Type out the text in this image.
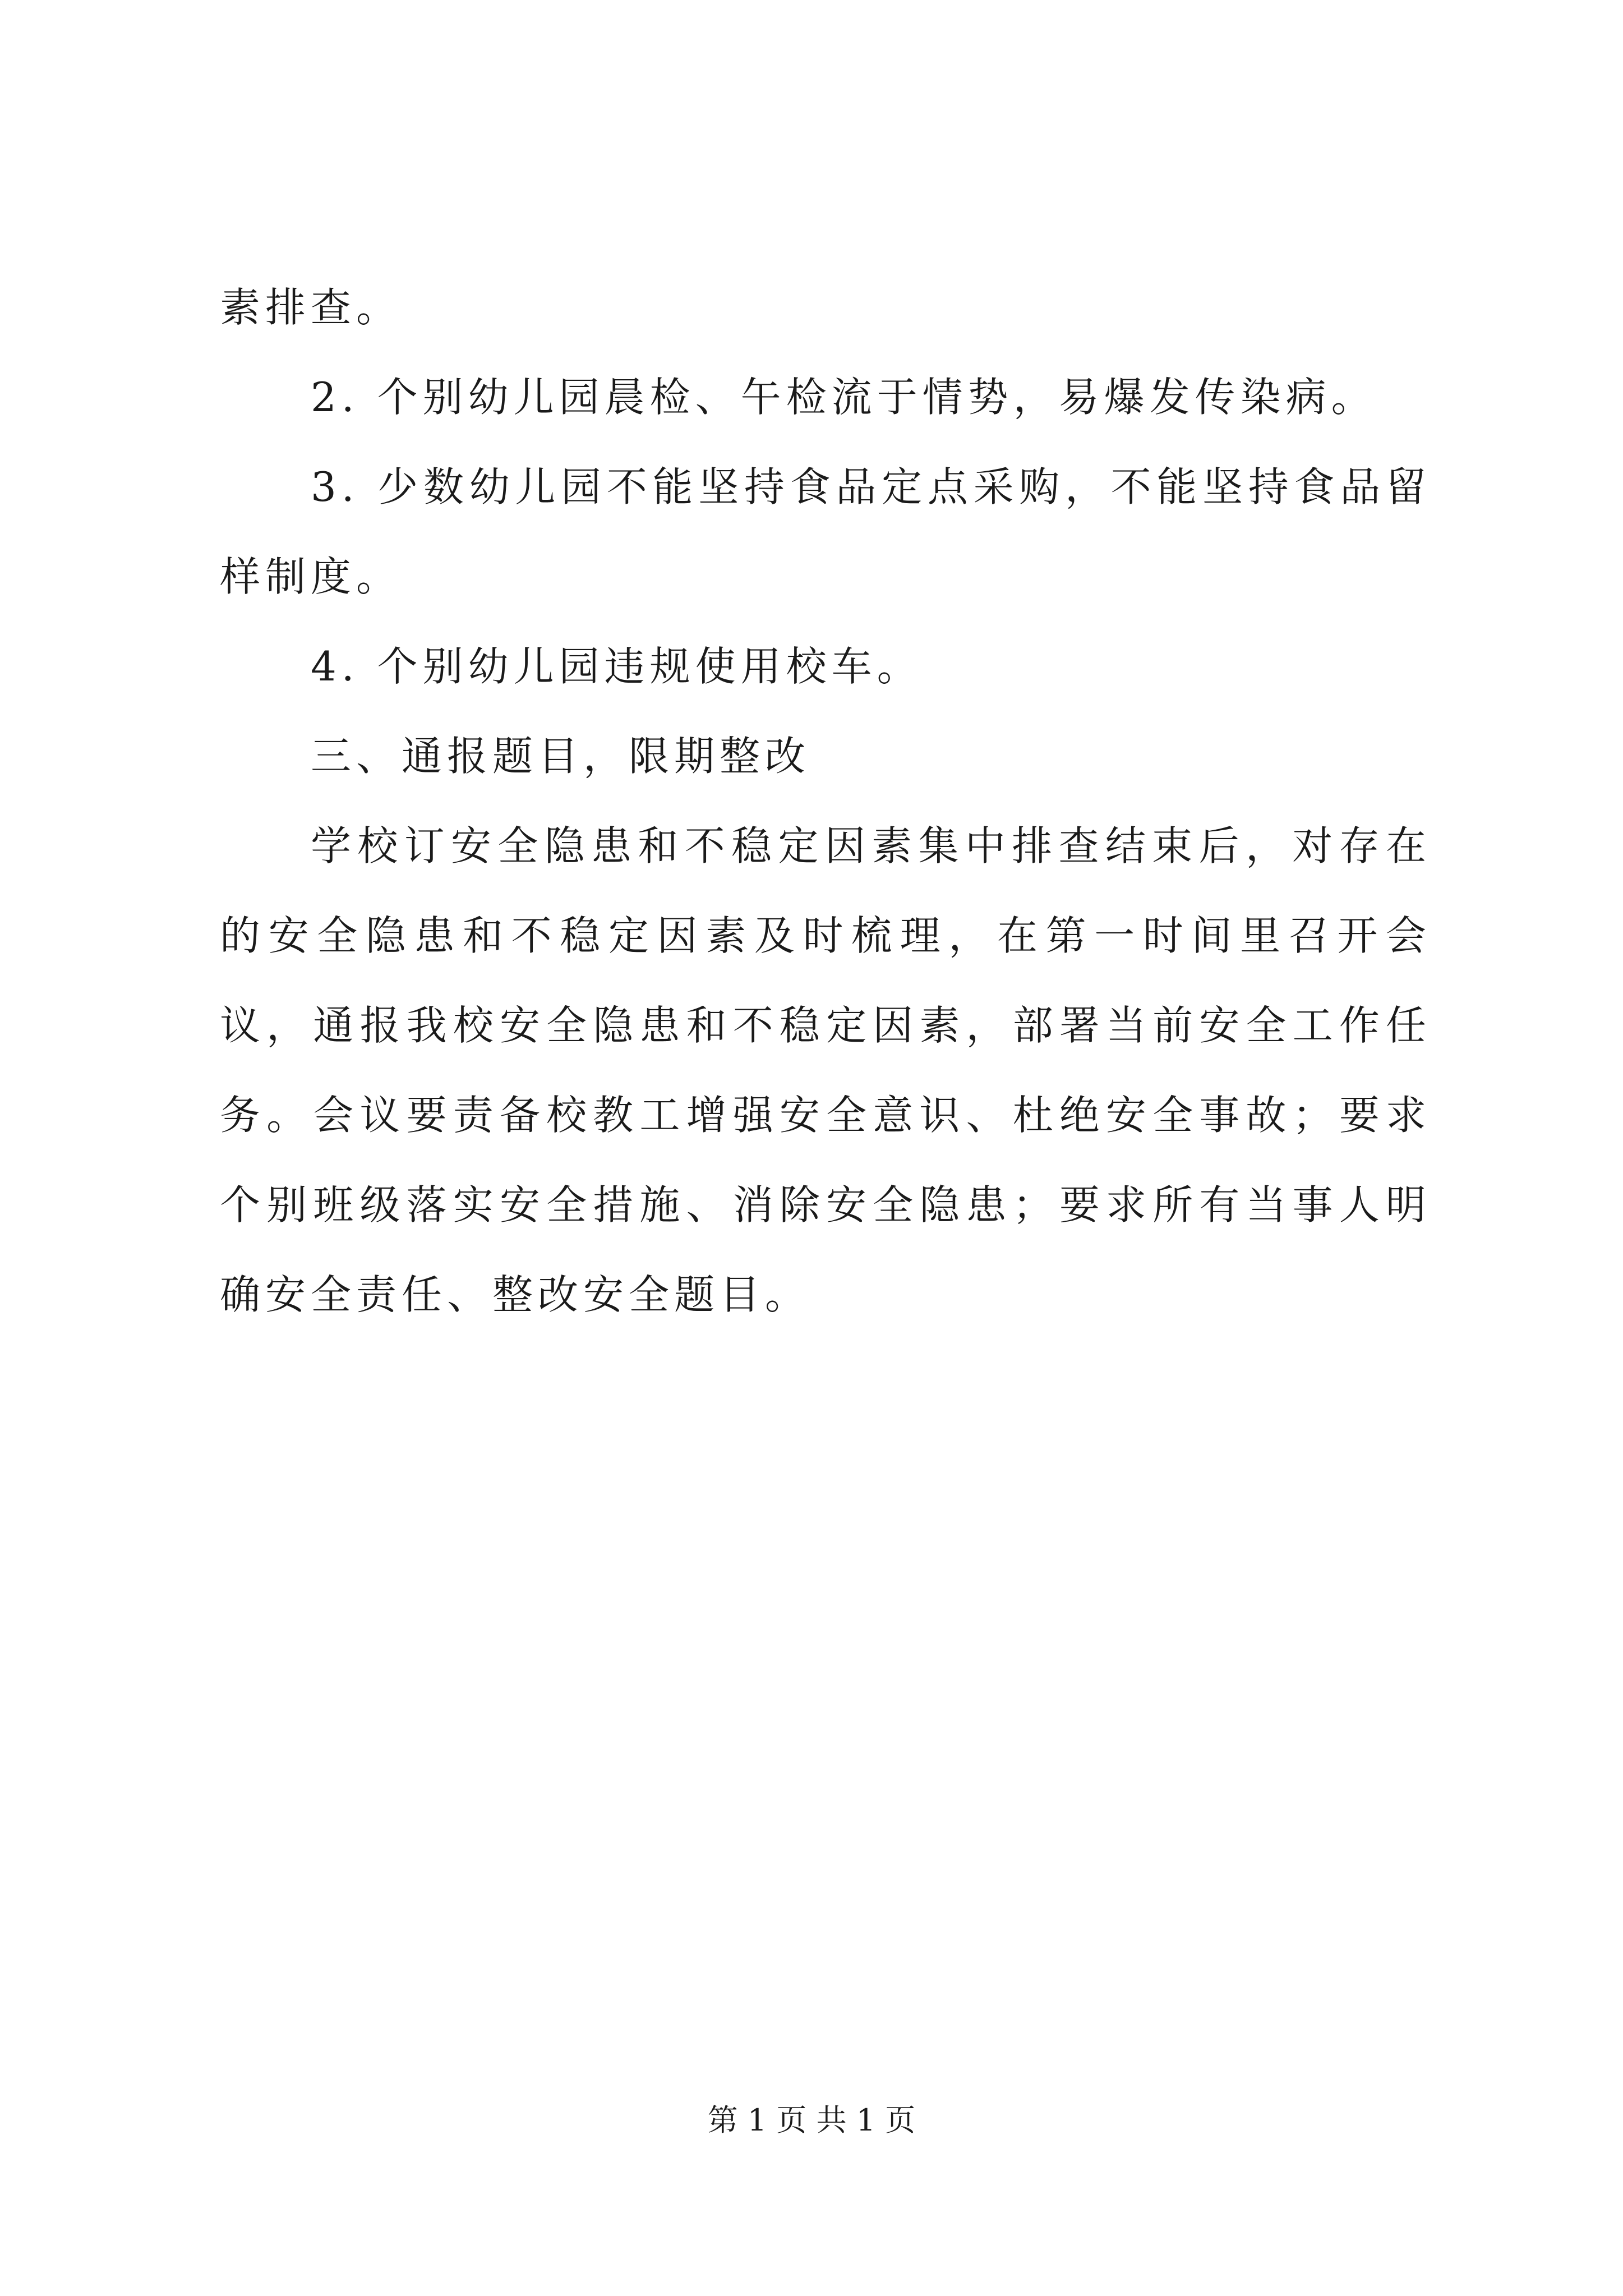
素排查。

2. 个别幼儿园晨检、午检流于情势，易爆发传染病。

3. 少数幼儿园不能坚持食品定点采购，不能坚持食品留样制度。

4. 个别幼儿园违规使用校车。

三、通报题目，限期整改

学校订安全隐患和不稳定因素集中排查结束后，对存在的安全隐患和不稳定因素及时梳理，在第一时间里召开会议，通报我校安全隐患和不稳定因素，部署当前安全工作任务。会议要责备校教工增强安全意识、杜绝安全事故；要求个别班级落实安全措施、消除安全隐患；要求所有当事人明确安全责任、整改安全题目。

第 1 页 共 1 页
